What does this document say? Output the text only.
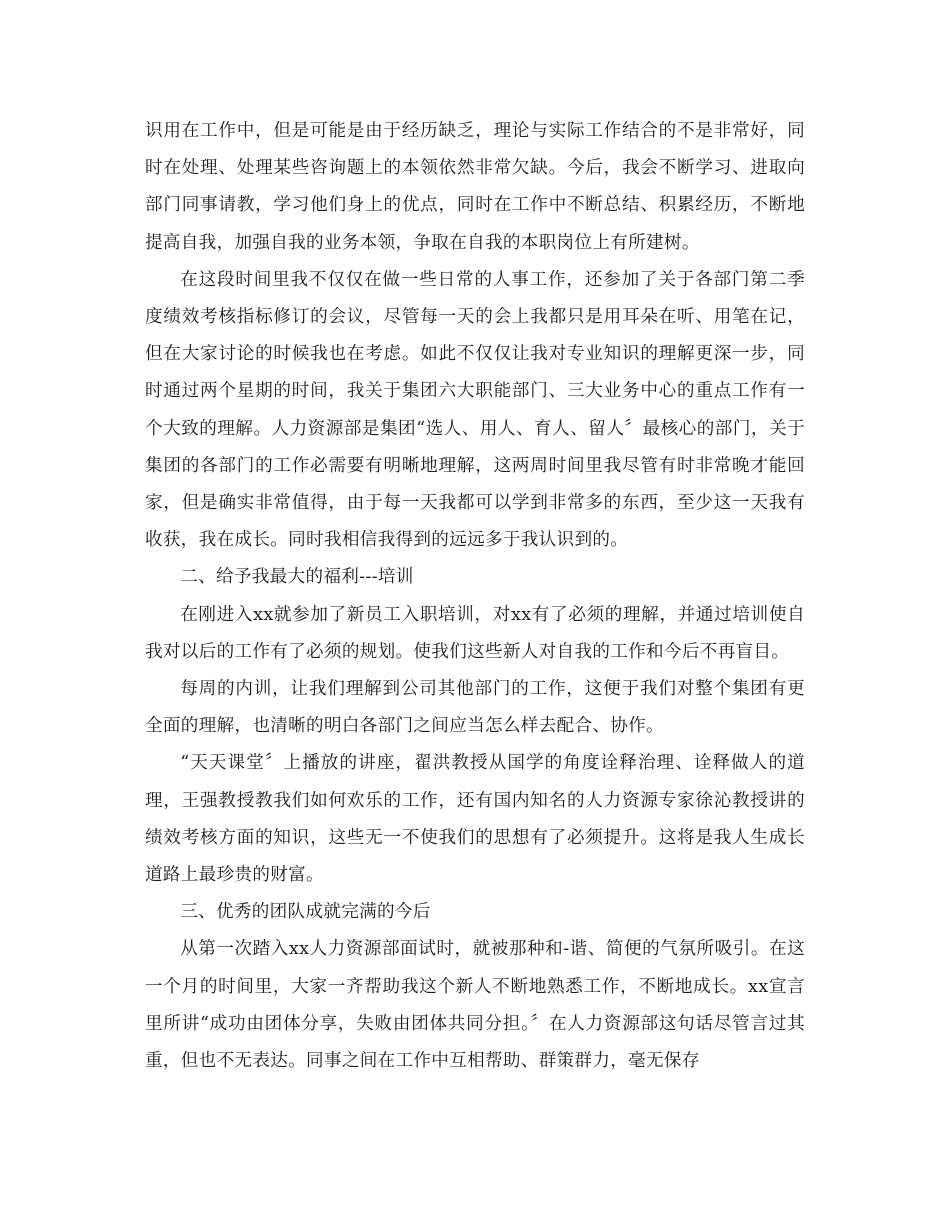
识用在工作中，但是可能是由于经历缺乏，理论与实际工作结合的不是非常好，同时在处理、处理某些咨询题上的本领依然非常欠缺。今后，我会不断学习、进取向部门同事请教，学习他们身上的优点，同时在工作中不断总结、积累经历，不断地提高自我，加强自我的业务本领，争取在自我的本职岗位上有所建树。

在这段时间里我不仅仅在做一些日常的人事工作，还参加了关于各部门第二季度绩效考核指标修订的会议，尽管每一天的会上我都只是用耳朵在听、用笔在记，但在大家讨论的时候我也在考虑。如此不仅仅让我对专业知识的理解更深一步，同时通过两个星期的时间，我关于集团六大职能部门、三大业务中心的重点工作有一个大致的理解。人力资源部是集团“选人、用人、育人、留人〞最核心的部门，关于集团的各部门的工作必需要有明晰地理解，这两周时间里我尽管有时非常晚才能回家，但是确实非常值得，由于每一天我都可以学到非常多的东西，至少这一天我有收获，我在成长。同时我相信我得到的远远多于我认识到的。

二、给予我最大的福利---培训

在刚进入xx就参加了新员工入职培训，对xx有了必须的理解，并通过培训使自我对以后的工作有了必须的规划。使我们这些新人对自我的工作和今后不再盲目。

每周的内训，让我们理解到公司其他部门的工作，这便于我们对整个集团有更全面的理解，也清晰的明白各部门之间应当怎么样去配合、协作。

“天天课堂〞上播放的讲座，翟洪教授从国学的角度诠释治理、诠释做人的道理，王强教授教我们如何欢乐的工作，还有国内知名的人力资源专家徐沁教授讲的绩效考核方面的知识，这些无一不使我们的思想有了必须提升。这将是我人生成长道路上最珍贵的财富。

三、优秀的团队成就完满的今后

从第一次踏入xx人力资源部面试时，就被那种和-谐、简便的气氛所吸引。在这一个月的时间里，大家一齐帮助我这个新人不断地熟悉工作，不断地成长。xx宣言里所讲“成功由团体分享，失败由团体共同分担。〞在人力资源部这句话尽管言过其重，但也不无表达。同事之间在工作中互相帮助、群策群力，毫无保存
